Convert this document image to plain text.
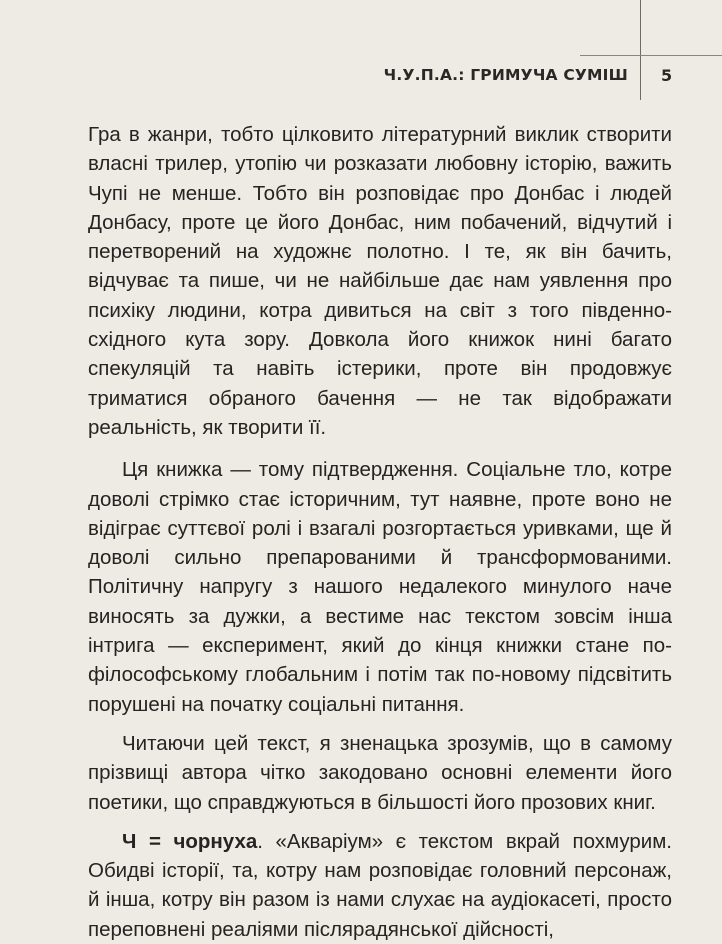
Ч.У.П.А.: ГРИМУЧА СУМІШ 5

Гра в жанри, тобто цілковито літературний виклик створити власні трилер, утопію чи розказати любовну історію, важить Чупі не менше. Тобто він розповідає про Донбас і людей Донбасу, проте це його Донбас, ним побачений, відчутий і перетворений на художнє полотно. І те, як він бачить, відчуває та пише, чи не найбільше дає нам уявлення про психіку людини, котра дивиться на світ з того південно-східного кута зору. Довкола його книжок нині багато спекуляцій та навіть істерики, проте він продовжує триматися обраного бачення — не так відображати реальність, як творити її.

Ця книжка — тому підтвердження. Соціальне тло, котре доволі стрімко стає історичним, тут наявне, проте воно не відіграє суттєвої ролі і взагалі розгортається уривками, ще й доволі сильно препарованими й трансформованими. Політичну напругу з нашого недалекого минулого наче виносять за дужки, а вестиме нас текстом зовсім інша інтрига — експеримент, який до кінця книжки стане по-філософському глобальним і потім так по-новому підсвітить порушені на початку соціальні питання.

Читаючи цей текст, я зненацька зрозумів, що в самому прізвищі автора чітко закодовано основні елементи його поетики, що справджуються в більшості його прозових книг.

Ч = чорнуха. «Акваріум» є текстом вкрай похмурим. Обидві історії, та, котру нам розповідає головний персонаж, й інша, котру він разом із нами слухає на аудіокасеті, просто переповнені реаліями післярадянської дійсності,
